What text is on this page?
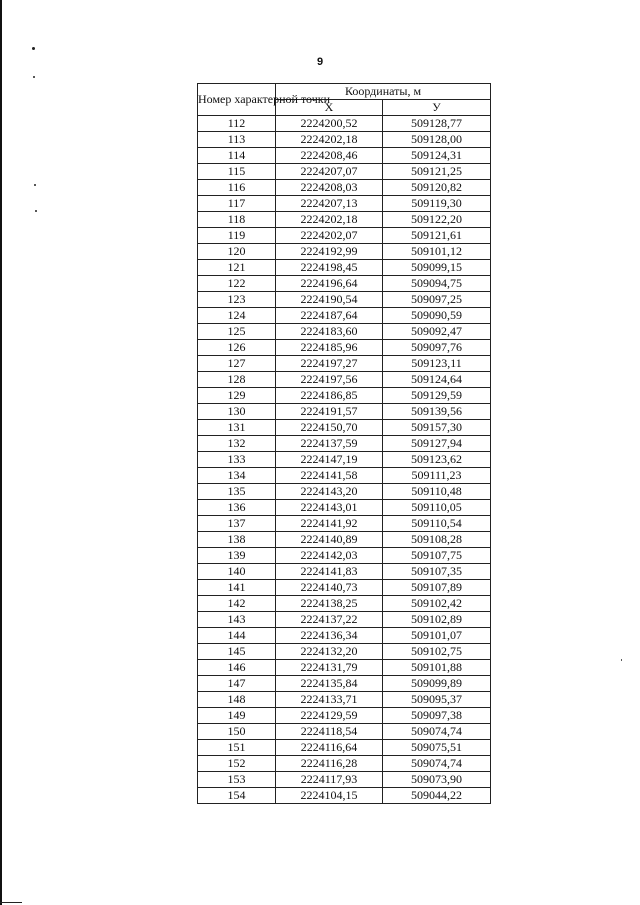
9
Номер характерной точки	Координаты, м	
	Х	У
112	2224200,52	509128,77
113	2224202,18	509128,00
114	2224208,46	509124,31
115	2224207,07	509121,25
116	2224208,03	509120,82
117	2224207,13	509119,30
118	2224202,18	509122,20
119	2224202,07	509121,61
120	2224192,99	509101,12
121	2224198,45	509099,15
122	2224196,64	509094,75
123	2224190,54	509097,25
124	2224187,64	509090,59
125	2224183,60	509092,47
126	2224185,96	509097,76
127	2224197,27	509123,11
128	2224197,56	509124,64
129	2224186,85	509129,59
130	2224191,57	509139,56
131	2224150,70	509157,30
132	2224137,59	509127,94
133	2224147,19	509123,62
134	2224141,58	509111,23
135	2224143,20	509110,48
136	2224143,01	509110,05
137	2224141,92	509110,54
138	2224140,89	509108,28
139	2224142,03	509107,75
140	2224141,83	509107,35
141	2224140,73	509107,89
142	2224138,25	509102,42
143	2224137,22	509102,89
144	2224136,34	509101,07
145	2224132,20	509102,75
146	2224131,79	509101,88
147	2224135,84	509099,89
148	2224133,71	509095,37
149	2224129,59	509097,38
150	2224118,54	509074,74
151	2224116,64	509075,51
152	2224116,28	509074,74
153	2224117,93	509073,90
154	2224104,15	509044,22
